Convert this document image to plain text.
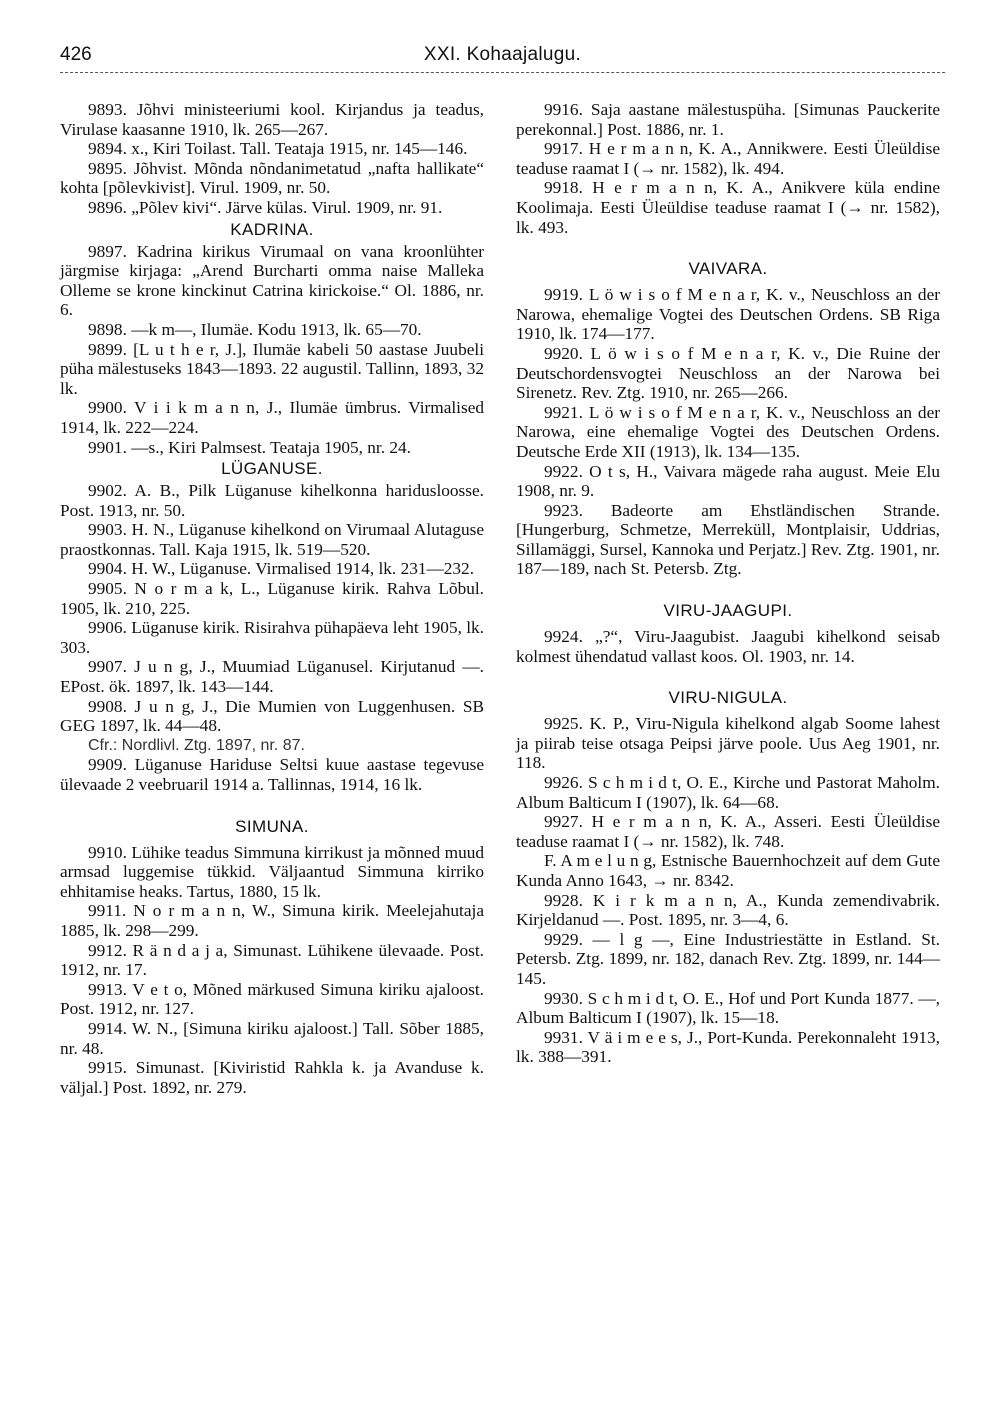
426	XXI. Kohaajalugu.

9893. Jõhvi ministeeriumi kool. Kirjandus ja teadus, Virulase kaasanne 1910, lk. 265—267.

9894. x., Kiri Toilast. Tall. Teataja 1915, nr. 145—146.

9895. Jõhvist. Mõnda nõndanimetatud „nafta hallikate“ kohta [põlevkivist]. Virul. 1909, nr. 50.

9896. „Põlev kivi“. Järve külas. Virul. 1909, nr. 91.

KADRINA.

9897. Kadrina kirikus Virumaal on vana kroonlühter järgmise kirjaga: „Arend Burcharti omma naise Malleka Olleme se krone kinckinut Catrina kirickoise.“ Ol. 1886, nr. 6.

9898. —k m—, Ilumäe. Kodu 1913, lk. 65—70.

9899. [L u t h e r, J.], Ilumäe kabeli 50 aastase Juubeli püha mälestuseks 1843—1893. 22 augustil. Tallinn, 1893, 32 lk.

9900. V i i k m a n n, J., Ilumäe ümbrus. Virmalised 1914, lk. 222—224.

9901. —s., Kiri Palmsest. Teataja 1905, nr. 24.

LÜGANUSE.

9902. A. B., Pilk Lüganuse kihelkonna haridusloosse. Post. 1913, nr. 50.

9903. H. N., Lüganuse kihelkond on Virumaal Alutaguse praostkonnas. Tall. Kaja 1915, lk. 519—520.

9904. H. W., Lüganuse. Virmalised 1914, lk. 231—232.

9905. N o r m a k, L., Lüganuse kirik. Rahva Lõbul. 1905, lk. 210, 225.

9906. Lüganuse kirik. Risirahva pühapäeva leht 1905, lk. 303.

9907. J u n g, J., Muumiad Lüganusel. Kirjutanud —. EPost. ök. 1897, lk. 143—144.

9908. J u n g, J., Die Mumien von Luggenhusen. SB GEG 1897, lk. 44—48.

Cfr.: Nordlivl. Ztg. 1897, nr. 87.

9909. Lüganuse Hariduse Seltsi kuue aastase tegevuse ülevaade 2 veebruaril 1914 a. Tallinnas, 1914, 16 lk.

SIMUNA.

9910. Lühike teadus Simmuna kirrikust ja mõnned muud armsad luggemise tükkid. Väljaantud Simmuna kirriko ehhitamise heaks. Tartus, 1880, 15 lk.

9911. N o r m a n n, W., Simuna kirik. Meelejahutaja 1885, lk. 298—299.

9912. R ä n d a j a, Simunast. Lühikene ülevaade. Post. 1912, nr. 17.

9913. V e t o, Mõned märkused Simuna kiriku ajaloost. Post. 1912, nr. 127.

9914. W. N., [Simuna kiriku ajaloost.] Tall. Sõber 1885, nr. 48.

9915. Simunast. [Kiviristid Rahkla k. ja Avanduse k. väljal.] Post. 1892, nr. 279.

9916. Saja aastane mälestuspüha. [Simunas Pauckerite perekonnal.] Post. 1886, nr. 1.

9917. H e r m a n n, K. A., Annikwere. Eesti Üleüldise teaduse raamat I (→ nr. 1582), lk. 494.

9918. H e r m a n n, K. A., Anikvere küla endine Koolimaja. Eesti Üleüldise teaduse raamat I (→ nr. 1582), lk. 493.

VAIVARA.

9919. L ö w i s o f M e n a r, K. v., Neuschloss an der Narowa, ehemalige Vogtei des Deutschen Ordens. SB Riga 1910, lk. 174—177.

9920. L ö w i s o f M e n a r, K. v., Die Ruine der Deutschordensvogtei Neuschloss an der Narowa bei Sirenetz. Rev. Ztg. 1910, nr. 265—266.

9921. L ö w i s o f M e n a r, K. v., Neuschloss an der Narowa, eine ehemalige Vogtei des Deutschen Ordens. Deutsche Erde XII (1913), lk. 134—135.

9922. O t s, H., Vaivara mägede raha august. Meie Elu 1908, nr. 9.

9923. Badeorte am Ehstländischen Strande. [Hungerburg, Schmetze, Merreküll, Montplaisir, Uddrias, Sillamäggi, Sursel, Kannoka und Perjatz.] Rev. Ztg. 1901, nr. 187—189, nach St. Petersb. Ztg.

VIRU-JAAGUPI.

9924. „?“, Viru-Jaagubist. Jaagubi kihelkond seisab kolmest ühendatud vallast koos. Ol. 1903, nr. 14.

VIRU-NIGULA.

9925. K. P., Viru-Nigula kihelkond algab Soome lahest ja piirab teise otsaga Peipsi järve poole. Uus Aeg 1901, nr. 118.

9926. S c h m i d t, O. E., Kirche und Pastorat Maholm. Album Balticum I (1907), lk. 64—68.

9927. H e r m a n n, K. A., Asseri. Eesti Üleüldise teaduse raamat I (→ nr. 1582), lk. 748.

F. A m e l u n g, Estnische Bauernhochzeit auf dem Gute Kunda Anno 1643, → nr. 8342.

9928. K i r k m a n n, A., Kunda zemendivabrik. Kirjeldanud —. Post. 1895, nr. 3—4, 6.

9929. — l g —, Eine Industriestätte in Estland. St. Petersb. Ztg. 1899, nr. 182, danach Rev. Ztg. 1899, nr. 144—145.

9930. S c h m i d t, O. E., Hof und Port Kunda 1877. —, Album Balticum I (1907), lk. 15—18.

9931. V ä i m e e s, J., Port-Kunda. Perekonnaleht 1913, lk. 388—391.
